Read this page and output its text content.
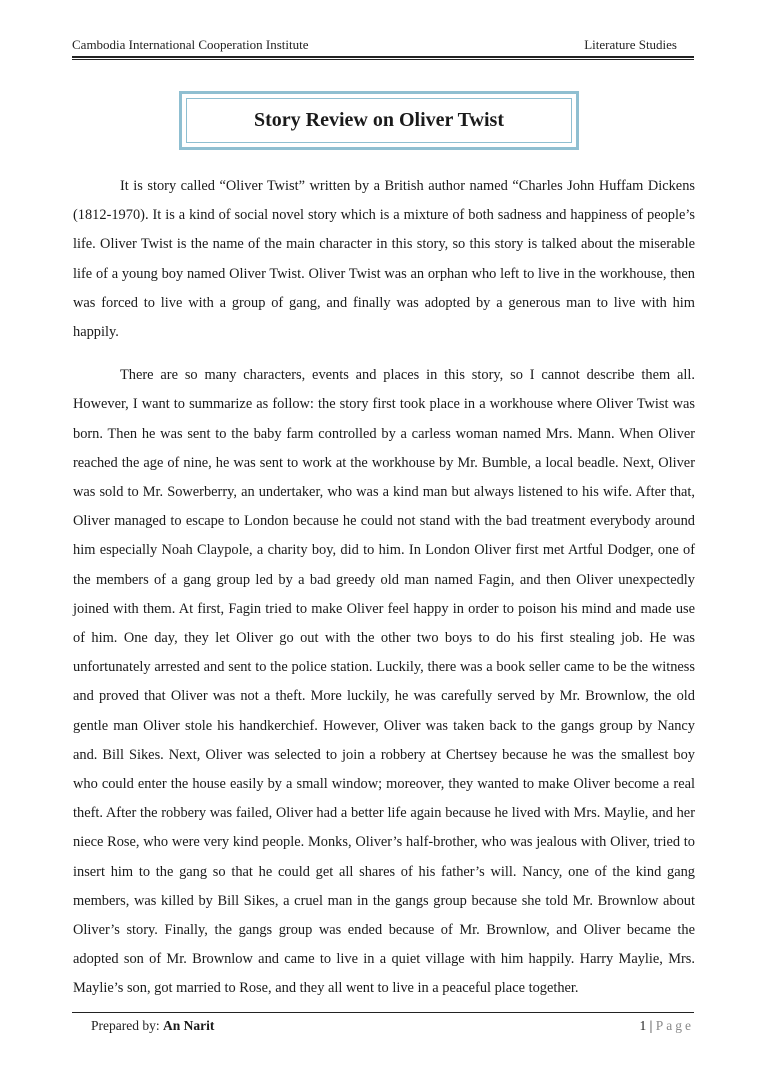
Cambodia International Cooperation Institute	Literature Studies
Story Review on Oliver Twist

It is story called “Oliver Twist” written by a British author named “Charles John Huffam Dickens (1812-1970). It is a kind of social novel story which is a mixture of both sadness and happiness of people’s life. Oliver Twist is the name of the main character in this story, so this story is talked about the miserable life of a young boy named Oliver Twist. Oliver Twist was an orphan who left to live in the workhouse, then was forced to live with a group of gang, and finally was adopted by a generous man to live with him happily.

There are so many characters, events and places in this story, so I cannot describe them all. However, I want to summarize as follow: the story first took place in a workhouse where Oliver Twist was born. Then he was sent to the baby farm controlled by a carless woman named Mrs. Mann. When Oliver reached the age of nine, he was sent to work at the workhouse by Mr. Bumble, a local beadle. Next, Oliver was sold to Mr. Sowerberry, an undertaker, who was a kind man but always listened to his wife. After that, Oliver managed to escape to London because he could not stand with the bad treatment everybody around him especially Noah Claypole, a charity boy, did to him. In London Oliver first met Artful Dodger, one of the members of a gang group led by a bad greedy old man named Fagin, and then Oliver unexpectedly joined with them. At first, Fagin tried to make Oliver feel happy in order to poison his mind and made use of him. One day, they let Oliver go out with the other two boys to do his first stealing job. He was unfortunately arrested and sent to the police station. Luckily, there was a book seller came to be the witness and proved that Oliver was not a theft. More luckily, he was carefully served by Mr. Brownlow, the old gentle man Oliver stole his handkerchief. However, Oliver was taken back to the gangs group by Nancy and. Bill Sikes. Next, Oliver was selected to join a robbery at Chertsey because he was the smallest boy who could enter the house easily by a small window; moreover, they wanted to make Oliver become a real theft. After the robbery was failed, Oliver had a better life again because he lived with Mrs. Maylie, and her niece Rose, who were very kind people. Monks, Oliver’s half-brother, who was jealous with Oliver, tried to insert him to the gang so that he could get all shares of his father’s will. Nancy, one of the kind gang members, was killed by Bill Sikes, a cruel man in the gangs group because she told Mr. Brownlow about Oliver’s story. Finally, the gangs group was ended because of Mr. Brownlow, and Oliver became the adopted son of Mr. Brownlow and came to live in a quiet village with him happily. Harry Maylie, Mrs. Maylie’s son, got married to Rose, and they all went to live in a peaceful place together.

Prepared by: An Narit	1 | Page
